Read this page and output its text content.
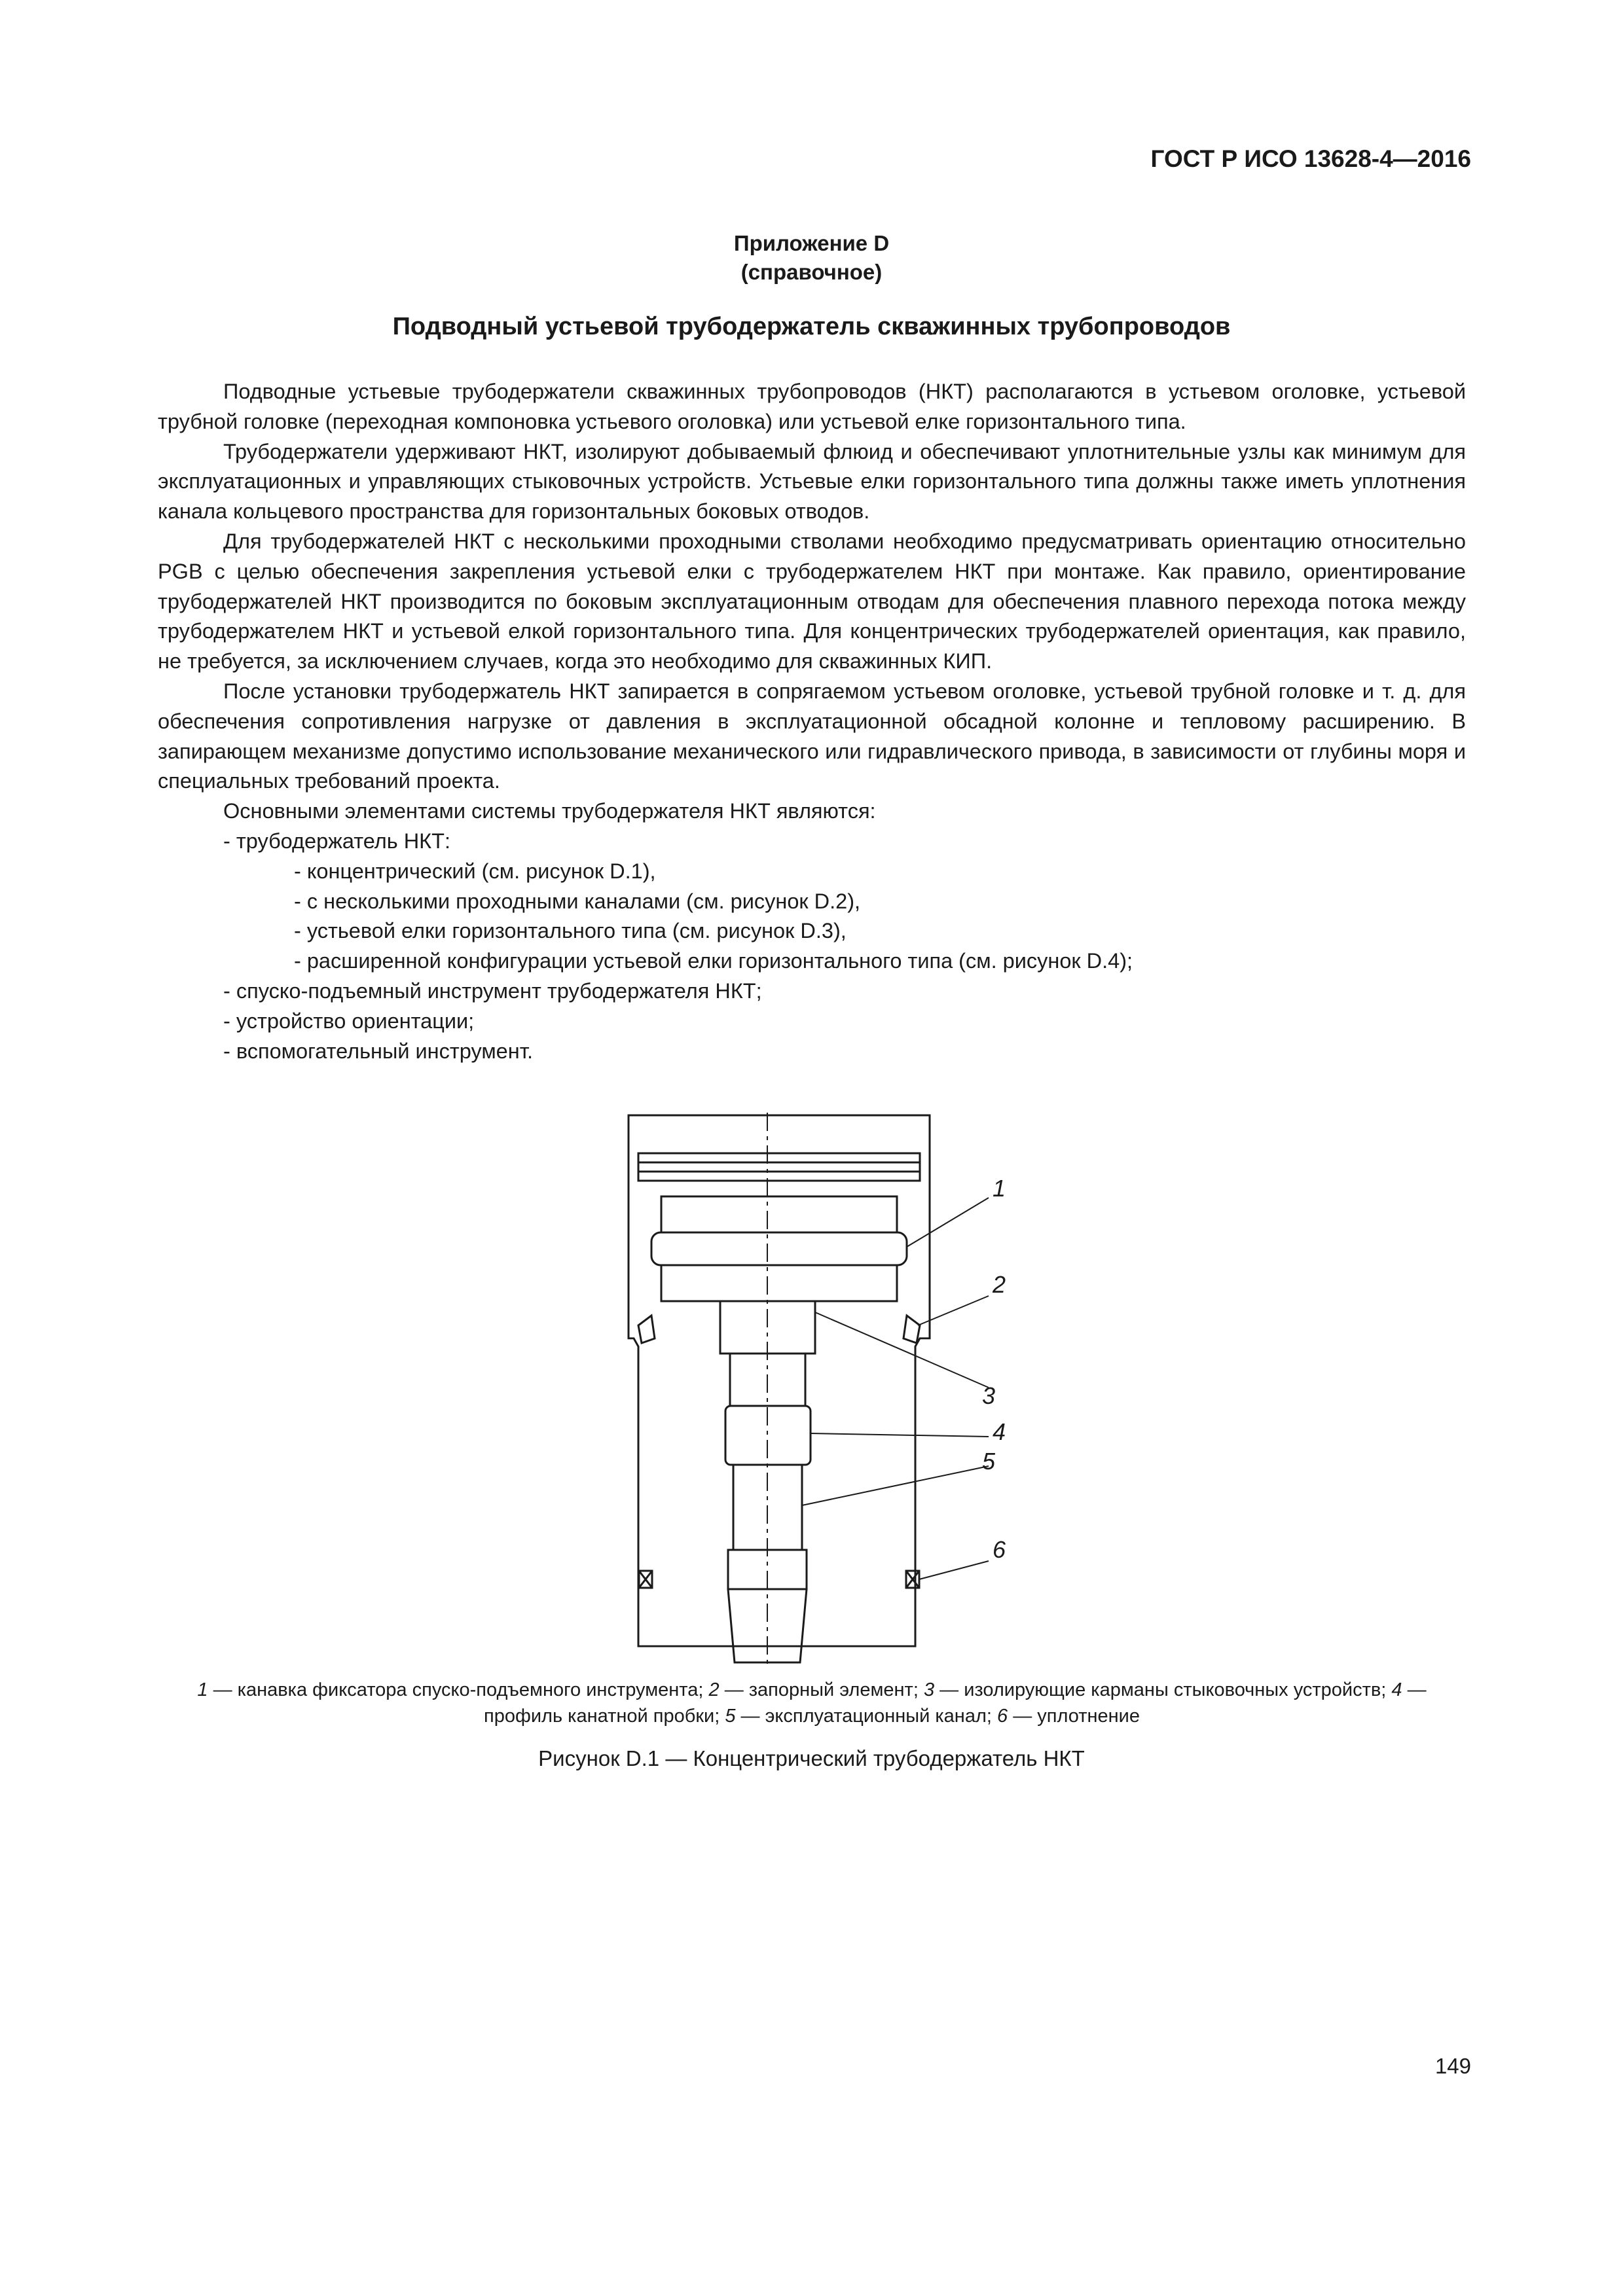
ГОСТ Р ИСО 13628-4—2016
Приложение D
(справочное)
Подводный устьевой трубодержатель скважинных трубопроводов

Подводные устьевые трубодержатели скважинных трубопроводов (НКТ) располагаются в устьевом оголовке, устьевой трубной головке (переходная компоновка устьевого оголовка) или устьевой елке горизонтального типа.

Трубодержатели удерживают НКТ, изолируют добываемый флюид и обеспечивают уплотнительные узлы как минимум для эксплуатационных и управляющих стыковочных устройств. Устьевые елки горизонтального типа должны также иметь уплотнения канала кольцевого пространства для горизонтальных боковых отводов.

Для трубодержателей НКТ с несколькими проходными стволами необходимо предусматривать ориентацию относительно PGB с целью обеспечения закрепления устьевой елки с трубодержателем НКТ при монтаже. Как правило, ориентирование трубодержателей НКТ производится по боковым эксплуатационным отводам для обеспечения плавного перехода потока между трубодержателем НКТ и устьевой елкой горизонтального типа. Для концентрических трубодержателей ориентация, как правило, не требуется, за исключением случаев, когда это необходимо для скважинных КИП.

После установки трубодержатель НКТ запирается в сопрягаемом устьевом оголовке, устьевой трубной головке и т. д. для обеспечения сопротивления нагрузке от давления в эксплуатационной обсадной колонне и тепловому расширению. В запирающем механизме допустимо использование механического или гидравлического привода, в зависимости от глубины моря и специальных требований проекта.

Основными элементами системы трубодержателя НКТ являются:

- трубодержатель НКТ:
- концентрический (см. рисунок D.1),
- с несколькими проходными каналами (см. рисунок D.2),
- устьевой елки горизонтального типа (см. рисунок D.3),
- расширенной конфигурации устьевой елки горизонтального типа (см. рисунок D.4);
- спуско-подъемный инструмент трубодержателя НКТ;
- устройство ориентации;
- вспомогательный инструмент.
1
2
3
4
5
6
1 — канавка фиксатора спуско-подъемного инструмента; 2 — запорный элемент; 3 — изолирующие карманы стыковочных устройств; 4 — профиль канатной пробки; 5 — эксплуатационный канал; 6 — уплотнение
Рисунок D.1 — Концентрический трубодержатель НКТ
149
